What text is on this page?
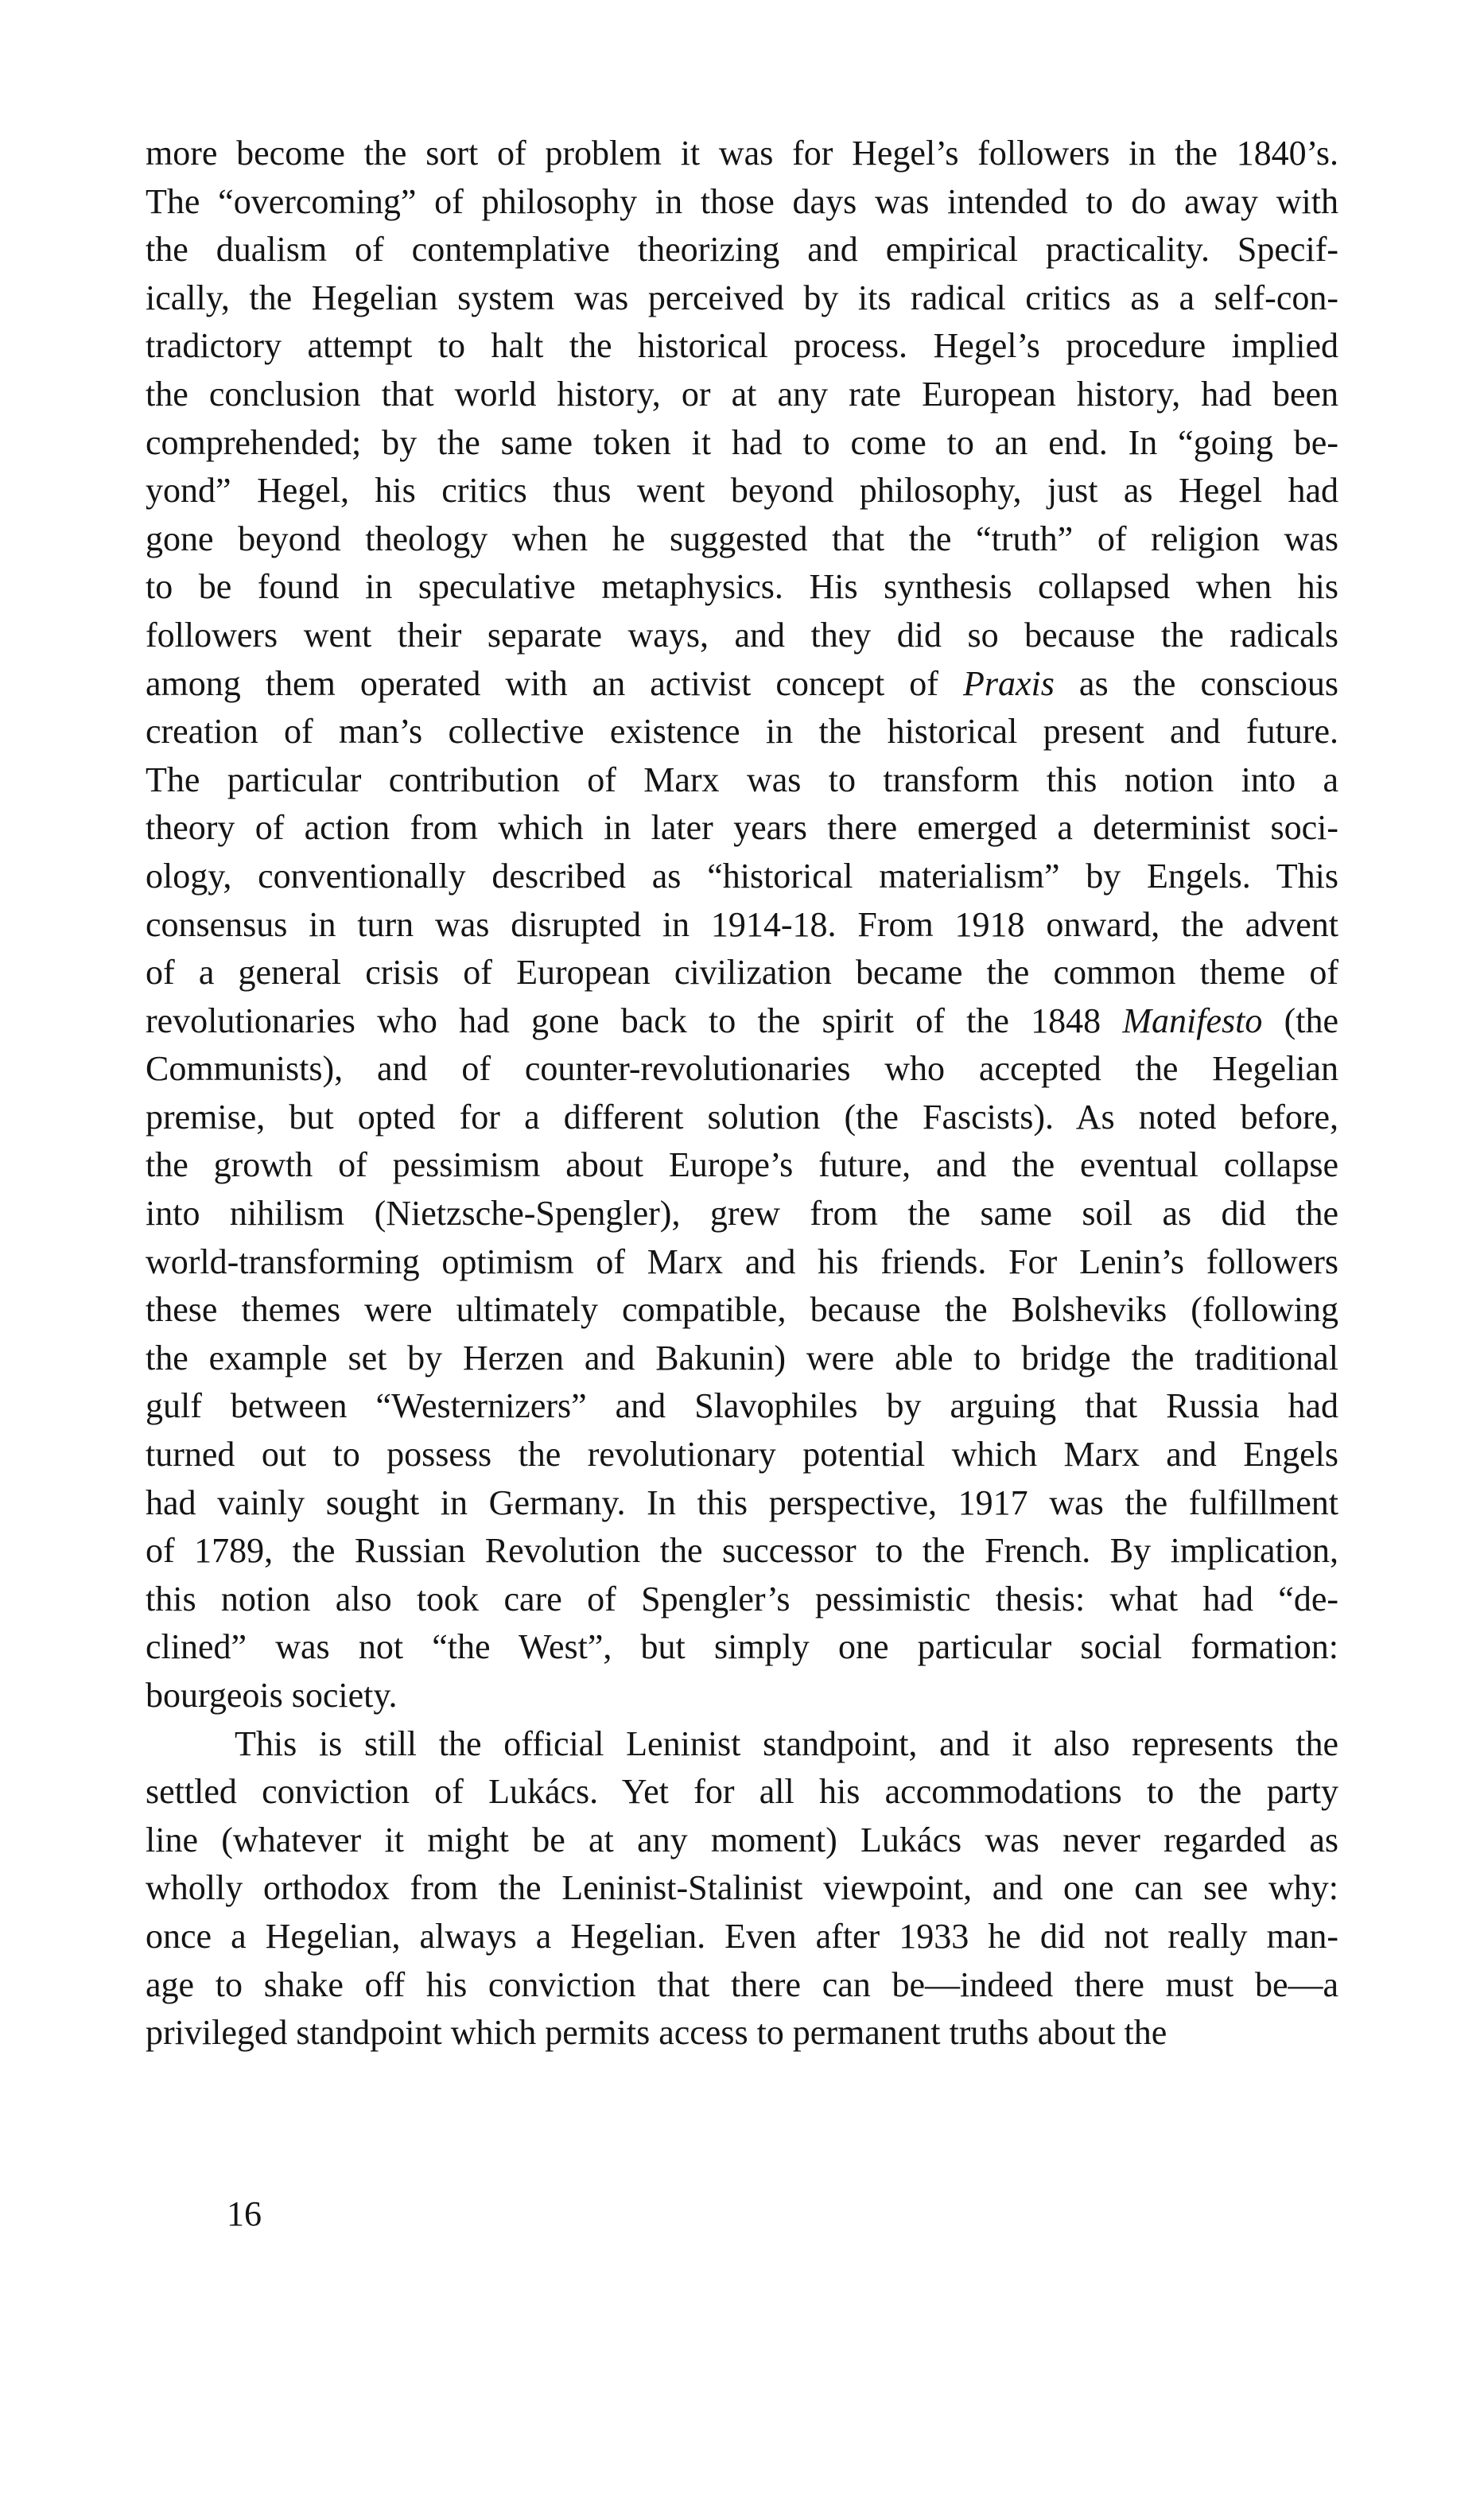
more become the sort of problem it was for Hegel’s followers in the 1840’s.
The “overcoming” of philosophy in those days was intended to do away with
the dualism of contemplative theorizing and empirical practicality. Specif-
ically, the Hegelian system was perceived by its radical critics as a self-con-
tradictory attempt to halt the historical process. Hegel’s procedure implied
the conclusion that world history, or at any rate European history, had been
comprehended; by the same token it had to come to an end. In “going be-
yond” Hegel, his critics thus went beyond philosophy, just as Hegel had
gone beyond theology when he suggested that the “truth” of religion was
to be found in speculative metaphysics. His synthesis collapsed when his
followers went their separate ways, and they did so because the radicals
among them operated with an activist concept of Praxis as the conscious
creation of man’s collective existence in the historical present and future.
The particular contribution of Marx was to transform this notion into a
theory of action from which in later years there emerged a determinist soci-
ology, conventionally described as “historical materialism” by Engels. This
consensus in turn was disrupted in 1914-18. From 1918 onward, the advent
of a general crisis of European civilization became the common theme of
revolutionaries who had gone back to the spirit of the 1848 Manifesto (the
Communists), and of counter-revolutionaries who accepted the Hegelian
premise, but opted for a different solution (the Fascists). As noted before,
the growth of pessimism about Europe’s future, and the eventual collapse
into nihilism (Nietzsche-Spengler), grew from the same soil as did the
world-transforming optimism of Marx and his friends. For Lenin’s followers
these themes were ultimately compatible, because the Bolsheviks (following
the example set by Herzen and Bakunin) were able to bridge the traditional
gulf between “Westernizers” and Slavophiles by arguing that Russia had
turned out to possess the revolutionary potential which Marx and Engels
had vainly sought in Germany. In this perspective, 1917 was the fulfillment
of 1789, the Russian Revolution the successor to the French. By implication,
this notion also took care of Spengler’s pessimistic thesis: what had “de-
clined” was not “the West”, but simply one particular social formation:
bourgeois society.
This is still the official Leninist standpoint, and it also represents the
settled conviction of Lukács. Yet for all his accommodations to the party
line (whatever it might be at any moment) Lukács was never regarded as
wholly orthodox from the Leninist-Stalinist viewpoint, and one can see why:
once a Hegelian, always a Hegelian. Even after 1933 he did not really man-
age to shake off his conviction that there can be—indeed there must be—a
privileged standpoint which permits access to permanent truths about the
16
